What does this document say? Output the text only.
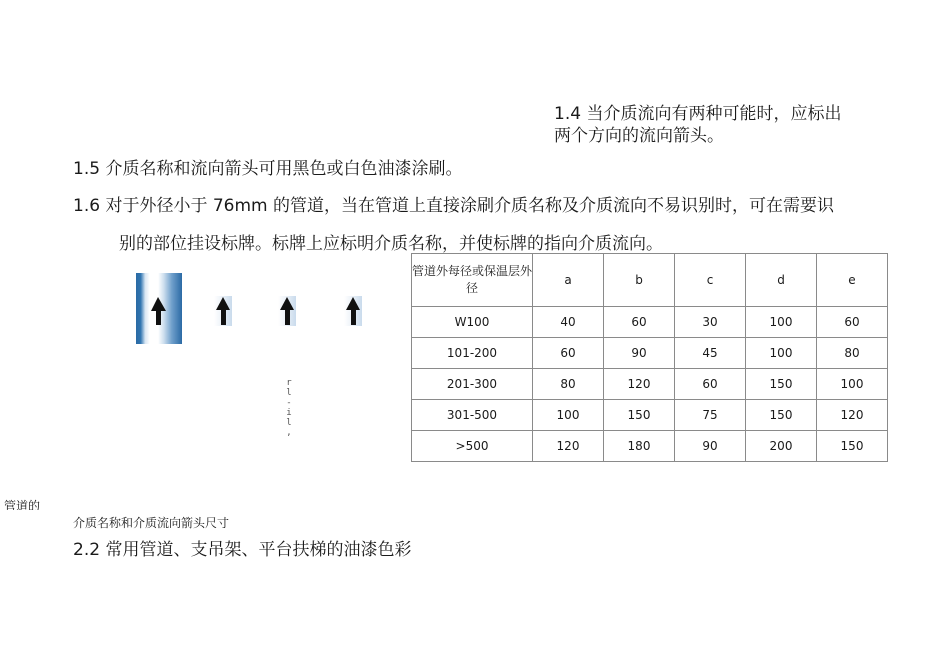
1.4 当介质流向有两种可能时，应标出
两个方向的流向箭头。
1.5 介质名称和流向箭头可用黑色或白色油漆涂刷。
1.6 对于外径小于 76mm 的管道，当在管道上直接涂刷介质名称及介质流向不易识别时，可在需要识
别的部位挂设标牌。标牌上应标明介质名称，并使标牌的指向介质流向。
r
l
-
i
l
,
管道外每径或保温层外径	a	b	c	d	e
W100	40	60	30	100	60
101-200	60	90	45	100	80
201-300	80	120	60	150	100
301-500	100	150	75	150	120
>500	120	180	90	200	150
管道的
介质名称和介质流向箭头尺寸
2.2 常用管道、支吊架、平台扶梯的油漆色彩
